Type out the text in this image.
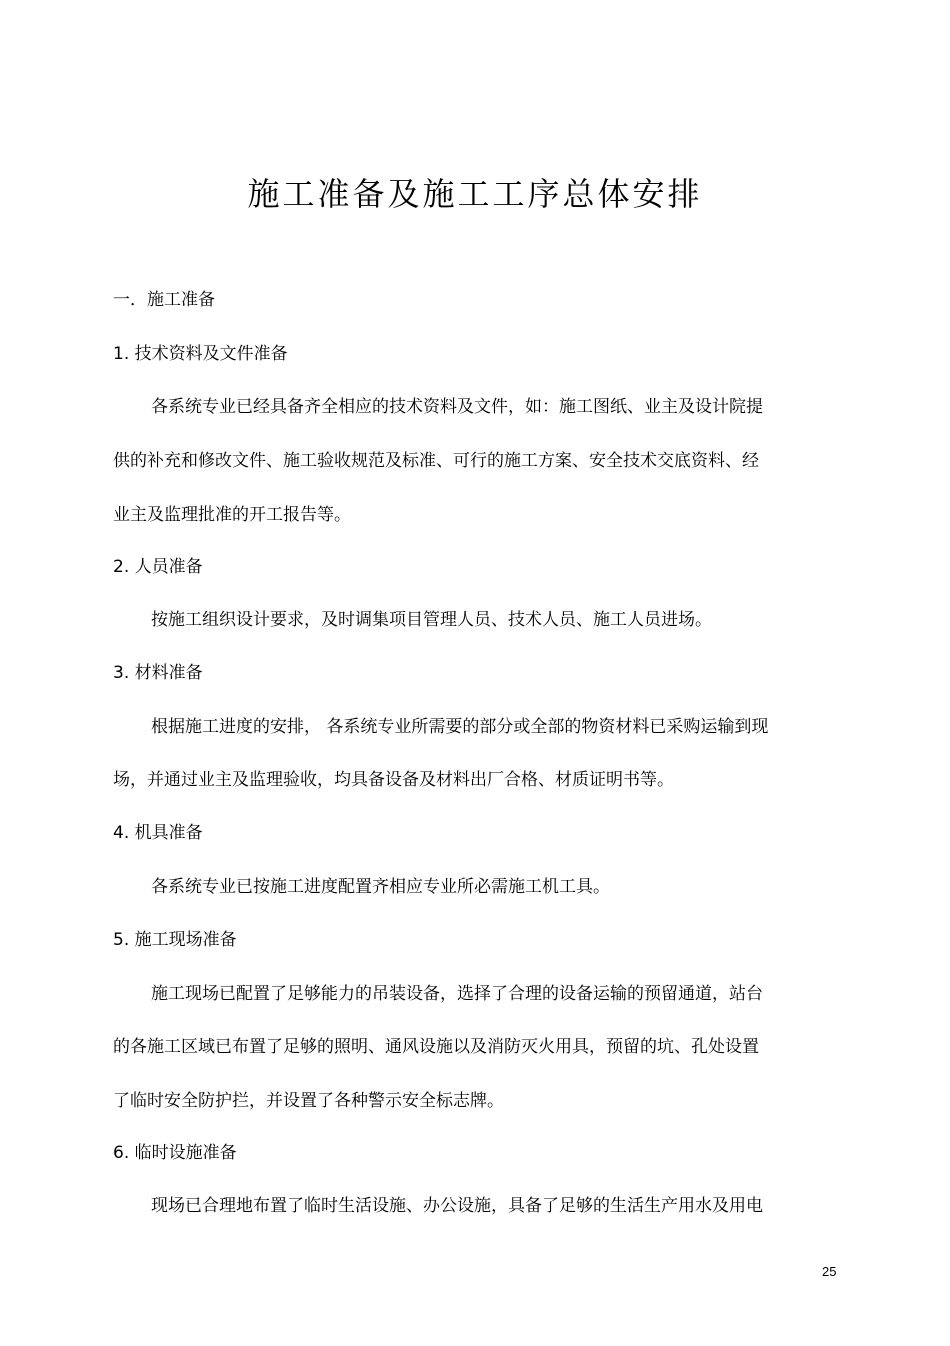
施工准备及施工工序总体安排

一．施工准备

1. 技术资料及文件准备

各系统专业已经具备齐全相应的技术资料及文件，如：施工图纸、业主及设计院提

供的补充和修改文件、施工验收规范及标准、可行的施工方案、安全技术交底资料、经

业主及监理批准的开工报告等。

2. 人员准备

按施工组织设计要求，及时调集项目管理人员、技术人员、施工人员进场。

3. 材料准备

根据施工进度的安排， 各系统专业所需要的部分或全部的物资材料已采购运输到现

场，并通过业主及监理验收，均具备设备及材料出厂合格、材质证明书等。

4. 机具准备

各系统专业已按施工进度配置齐相应专业所必需施工机工具。

5. 施工现场准备

施工现场已配置了足够能力的吊装设备，选择了合理的设备运输的预留通道，站台

的各施工区域已布置了足够的照明、通风设施以及消防灭火用具，预留的坑、孔处设置

了临时安全防护拦，并设置了各种警示安全标志牌。

6. 临时设施准备

现场已合理地布置了临时生活设施、办公设施，具备了足够的生活生产用水及用电

25
